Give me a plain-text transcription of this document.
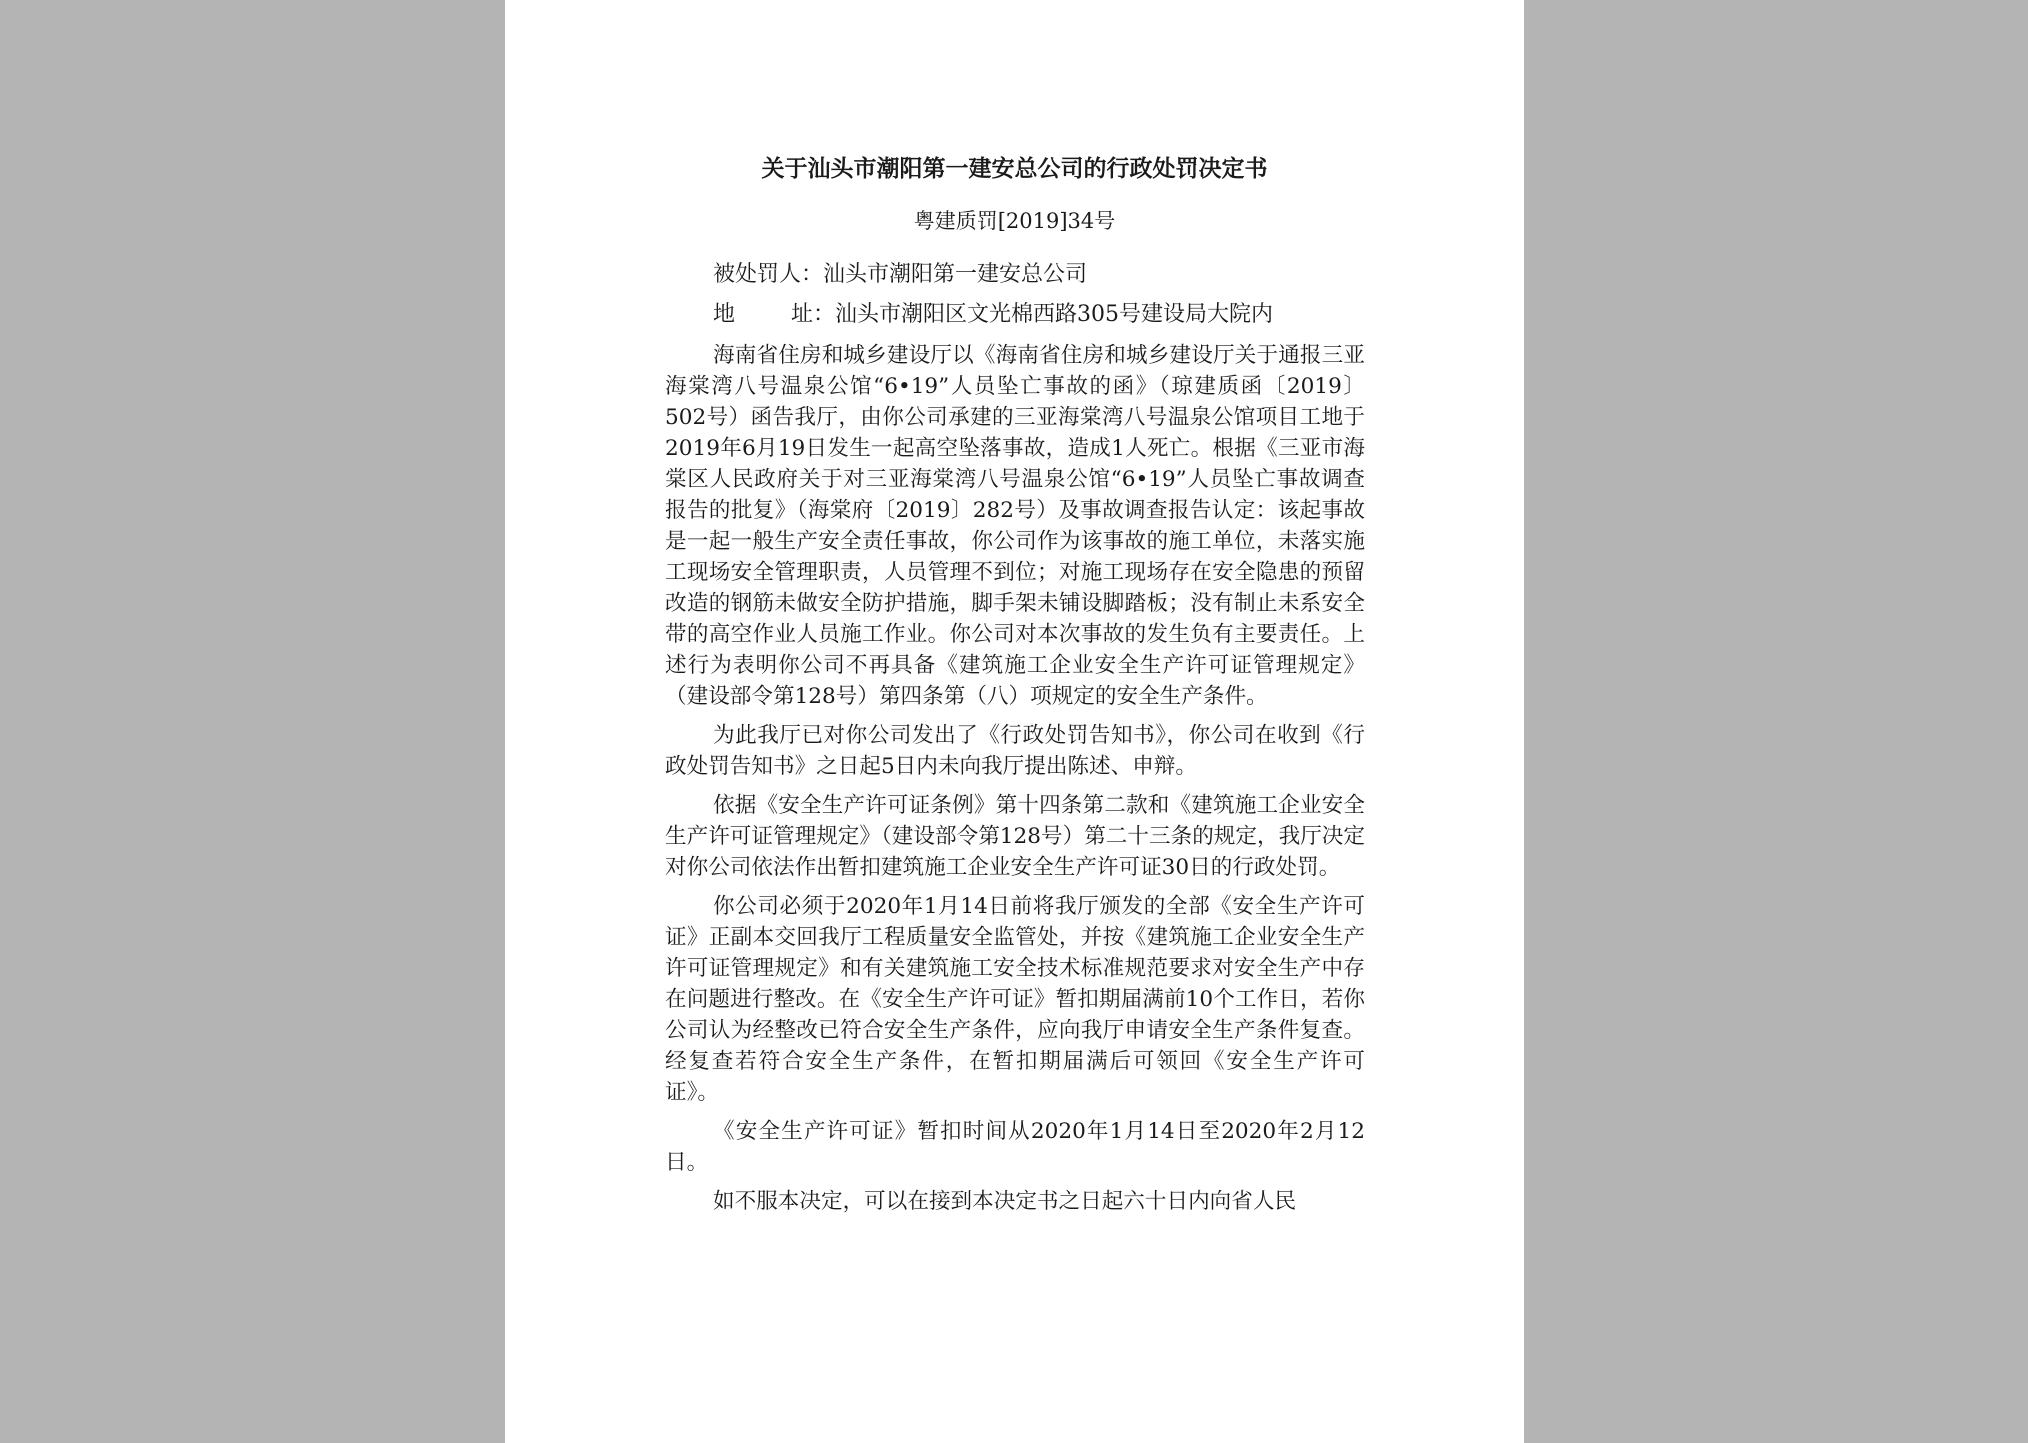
关于汕头市潮阳第一建安总公司的行政处罚决定书
粤建质罚[2019]34号
被处罚人：汕头市潮阳第一建安总公司
地	址：汕头市潮阳区文光棉西路305号建设局大院内

海南省住房和城乡建设厅以《海南省住房和城乡建设厅关于通报三亚海棠湾八号温泉公馆“6•19”人员坠亡事故的函》（琼建质函〔2019〕502号）函告我厅，由你公司承建的三亚海棠湾八号温泉公馆项目工地于2019年6月19日发生一起高空坠落事故，造成1人死亡。根据《三亚市海棠区人民政府关于对三亚海棠湾八号温泉公馆“6•19”人员坠亡事故调查报告的批复》（海棠府〔2019〕282号）及事故调查报告认定：该起事故是一起一般生产安全责任事故，你公司作为该事故的施工单位，未落实施工现场安全管理职责，人员管理不到位；对施工现场存在安全隐患的预留改造的钢筋未做安全防护措施，脚手架未铺设脚踏板；没有制止未系安全带的高空作业人员施工作业。你公司对本次事故的发生负有主要责任。上述行为表明你公司不再具备《建筑施工企业安全生产许可证管理规定》（建设部令第128号）第四条第（八）项规定的安全生产条件。

为此我厅已对你公司发出了《行政处罚告知书》，你公司在收到《行政处罚告知书》之日起5日内未向我厅提出陈述、申辩。

依据《安全生产许可证条例》第十四条第二款和《建筑施工企业安全生产许可证管理规定》（建设部令第128号）第二十三条的规定，我厅决定对你公司依法作出暂扣建筑施工企业安全生产许可证30日的行政处罚。

你公司必须于2020年1月14日前将我厅颁发的全部《安全生产许可证》正副本交回我厅工程质量安全监管处，并按《建筑施工企业安全生产许可证管理规定》和有关建筑施工安全技术标准规范要求对安全生产中存在问题进行整改。在《安全生产许可证》暂扣期届满前10个工作日，若你公司认为经整改已符合安全生产条件，应向我厅申请安全生产条件复查。经复查若符合安全生产条件，在暂扣期届满后可领回《安全生产许可证》。

《安全生产许可证》暂扣时间从2020年1月14日至2020年2月12日。

如不服本决定，可以在接到本决定书之日起六十日内向省人民
